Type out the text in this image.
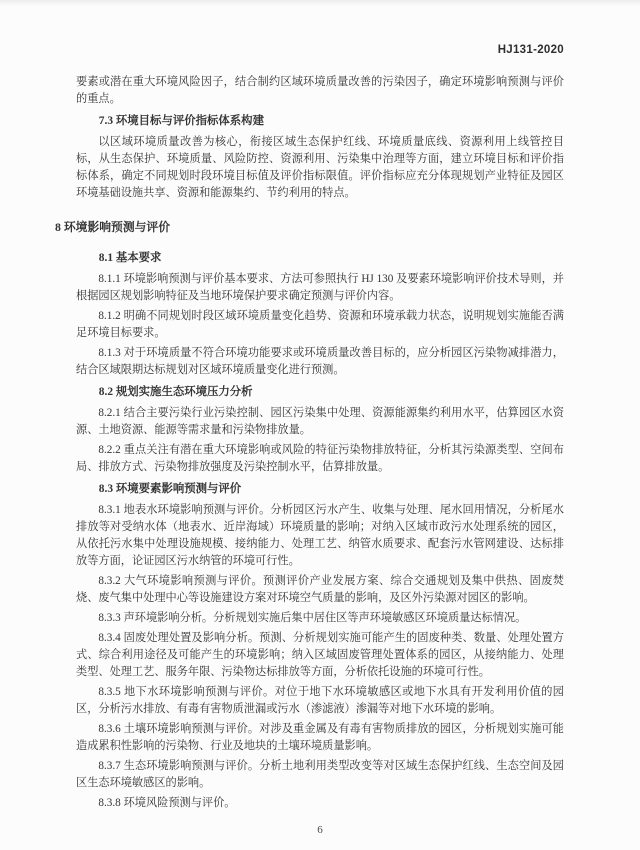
HJ131-2020

要素或潜在重大环境风险因子，结合制约区域环境质量改善的污染因子，确定环境影响预测与评价的重点。

7.3 环境目标与评价指标体系构建

以区域环境质量改善为核心，衔接区域生态保护红线、环境质量底线、资源利用上线管控目标，从生态保护、环境质量、风险防控、资源利用、污染集中治理等方面，建立环境目标和评价指标体系，确定不同规划时段环境目标值及评价指标限值。评价指标应充分体现规划产业特征及园区环境基础设施共享、资源和能源集约、节约利用的特点。

8 环境影响预测与评价

8.1 基本要求

8.1.1 环境影响预测与评价基本要求、方法可参照执行 HJ 130 及要素环境影响评价技术导则，并根据园区规划影响特征及当地环境保护要求确定预测与评价内容。

8.1.2 明确不同规划时段区域环境质量变化趋势、资源和环境承载力状态，说明规划实施能否满足环境目标要求。

8.1.3 对于环境质量不符合环境功能要求或环境质量改善目标的，应分析园区污染物减排潜力，结合区域限期达标规划对区域环境质量变化进行预测。

8.2 规划实施生态环境压力分析

8.2.1 结合主要污染行业污染控制、园区污染集中处理、资源能源集约利用水平，估算园区水资源、土地资源、能源等需求量和污染物排放量。

8.2.2 重点关注有潜在重大环境影响或风险的特征污染物排放特征，分析其污染源类型、空间布局、排放方式、污染物排放强度及污染控制水平，估算排放量。

8.3 环境要素影响预测与评价

8.3.1 地表水环境影响预测与评价。分析园区污水产生、收集与处理、尾水回用情况，分析尾水排放等对受纳水体（地表水、近岸海域）环境质量的影响；对纳入区域市政污水处理系统的园区，从依托污水集中处理设施规模、接纳能力、处理工艺、纳管水质要求、配套污水管网建设、达标排放等方面，论证园区污水纳管的环境可行性。

8.3.2 大气环境影响预测与评价。预测评价产业发展方案、综合交通规划及集中供热、固废焚烧、废气集中处理中心等设施建设方案对环境空气质量的影响，及区外污染源对园区的影响。

8.3.3 声环境影响分析。分析规划实施后集中居住区等声环境敏感区环境质量达标情况。

8.3.4 固废处理处置及影响分析。预测、分析规划实施可能产生的固废种类、数量、处理处置方式、综合利用途径及可能产生的环境影响；纳入区域固废管理处置体系的园区，从接纳能力、处理类型、处理工艺、服务年限、污染物达标排放等方面，分析依托设施的环境可行性。

8.3.5 地下水环境影响预测与评价。对位于地下水环境敏感区或地下水具有开发利用价值的园区，分析污水排放、有毒有害物质泄漏或污水（渗滤液）渗漏等对地下水环境的影响。

8.3.6 土壤环境影响预测与评价。对涉及重金属及有毒有害物质排放的园区，分析规划实施可能造成累积性影响的污染物、行业及地块的土壤环境质量影响。

8.3.7 生态环境影响预测与评价。分析土地利用类型改变等对区域生态保护红线、生态空间及园区生态环境敏感区的影响。

8.3.8 环境风险预测与评价。

6
